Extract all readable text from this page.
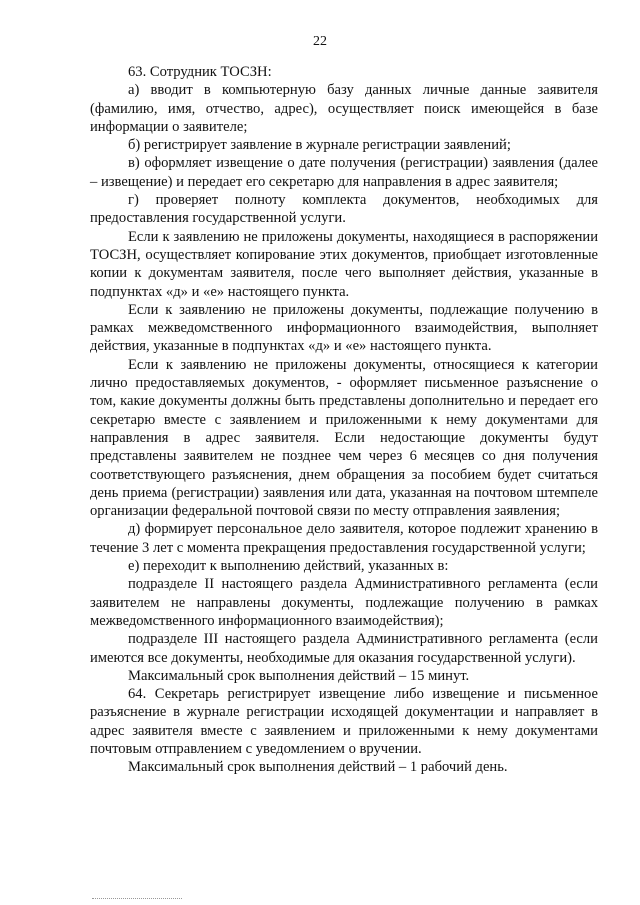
22

63. Сотрудник ТОСЗН:

а) вводит в компьютерную базу данных личные данные заявителя (фамилию, имя, отчество, адрес), осуществляет поиск имеющейся в базе информации о заявителе;

б) регистрирует заявление в журнале регистрации заявлений;

в) оформляет извещение о дате получения (регистрации) заявления (далее – извещение) и передает его секретарю для направления в адрес заявителя;

г) проверяет полноту комплекта документов, необходимых для предоставления государственной услуги.

Если к заявлению не приложены документы, находящиеся в распоряжении ТОСЗН, осуществляет копирование этих документов, приобщает изготовленные копии к документам заявителя, после чего выполняет действия, указанные в подпунктах «д» и «е» настоящего пункта.

Если к заявлению не приложены документы, подлежащие получению в рамках межведомственного информационного взаимодействия, выполняет действия, указанные в подпунктах «д» и «е» настоящего пункта.

Если к заявлению не приложены документы, относящиеся к категории лично предоставляемых документов, - оформляет письменное разъяснение о том, какие документы должны быть представлены дополнительно и передает его секретарю вместе с заявлением и приложенными к нему документами для направления в адрес заявителя. Если недостающие документы будут представлены заявителем не позднее чем через 6 месяцев со дня получения соответствующего разъяснения, днем обращения за пособием будет считаться день приема (регистрации) заявления или дата, указанная на почтовом штемпеле организации федеральной почтовой связи по месту отправления заявления;

д) формирует персональное дело заявителя, которое подлежит хранению в течение 3 лет с момента прекращения предоставления государственной услуги;

е) переходит к выполнению действий, указанных в:

подразделе II настоящего раздела Административного регламента (если заявителем не направлены документы, подлежащие получению в рамках межведомственного информационного взаимодействия);

подразделе III настоящего раздела Административного регламента (если имеются все документы, необходимые для оказания государственной услуги).

Максимальный срок выполнения действий – 15 минут.

64. Секретарь регистрирует извещение либо извещение и письменное разъяснение в журнале регистрации исходящей документации и направляет в адрес заявителя вместе с заявлением и приложенными к нему документами почтовым отправлением с уведомлением о вручении.

Максимальный срок выполнения действий – 1 рабочий день.
